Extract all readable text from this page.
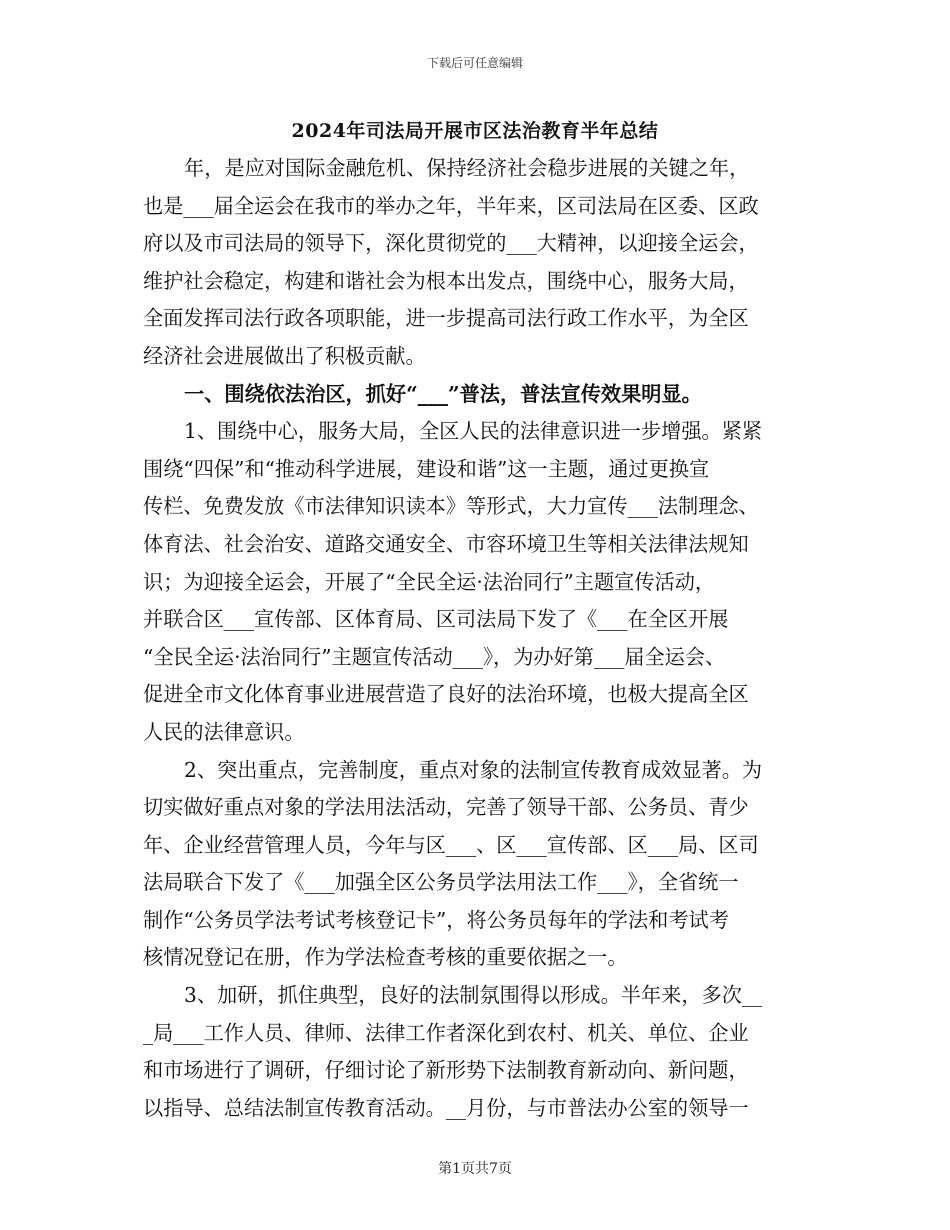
下载后可任意编辑
2024年司法局开展市区法治教育半年总结
年，是应对国际金融危机、保持经济社会稳步进展的关键之年，
也是___届全运会在我市的举办之年，半年来，区司法局在区委、区政
府以及市司法局的领导下，深化贯彻党的___大精神，以迎接全运会，
维护社会稳定，构建和谐社会为根本出发点，围绕中心，服务大局，
全面发挥司法行政各项职能，进一步提高司法行政工作水平，为全区
经济社会进展做出了积极贡献。
一、围绕依法治区，抓好“___”普法，普法宣传效果明显。
1、围绕中心，服务大局，全区人民的法律意识进一步增强。紧紧
围绕“四保”和“推动科学进展，建设和谐”这一主题，通过更换宣
传栏、免费发放《市法律知识读本》等形式，大力宣传___法制理念、
体育法、社会治安、道路交通安全、市容环境卫生等相关法律法规知
识；为迎接全运会，开展了“全民全运·法治同行”主题宣传活动，
并联合区___宣传部、区体育局、区司法局下发了《___在全区开展
“全民全运·法治同行”主题宣传活动___》，为办好第___届全运会、
促进全市文化体育事业进展营造了良好的法治环境，也极大提高全区
人民的法律意识。
2、突出重点，完善制度，重点对象的法制宣传教育成效显著。为
切实做好重点对象的学法用法活动，完善了领导干部、公务员、青少
年、企业经营管理人员，今年与区___、区___宣传部、区___局、区司
法局联合下发了《___加强全区公务员学法用法工作___》，全省统一
制作“公务员学法考试考核登记卡”，将公务员每年的学法和考试考
核情况登记在册，作为学法检查考核的重要依据之一。
3、加研，抓住典型，良好的法制氛围得以形成。半年来，多次__
_局___工作人员、律师、法律工作者深化到农村、机关、单位、企业
和市场进行了调研，仔细讨论了新形势下法制教育新动向、新问题，
以指导、总结法制宣传教育活动。__月份，与市普法办公室的领导一
第1页共7页
